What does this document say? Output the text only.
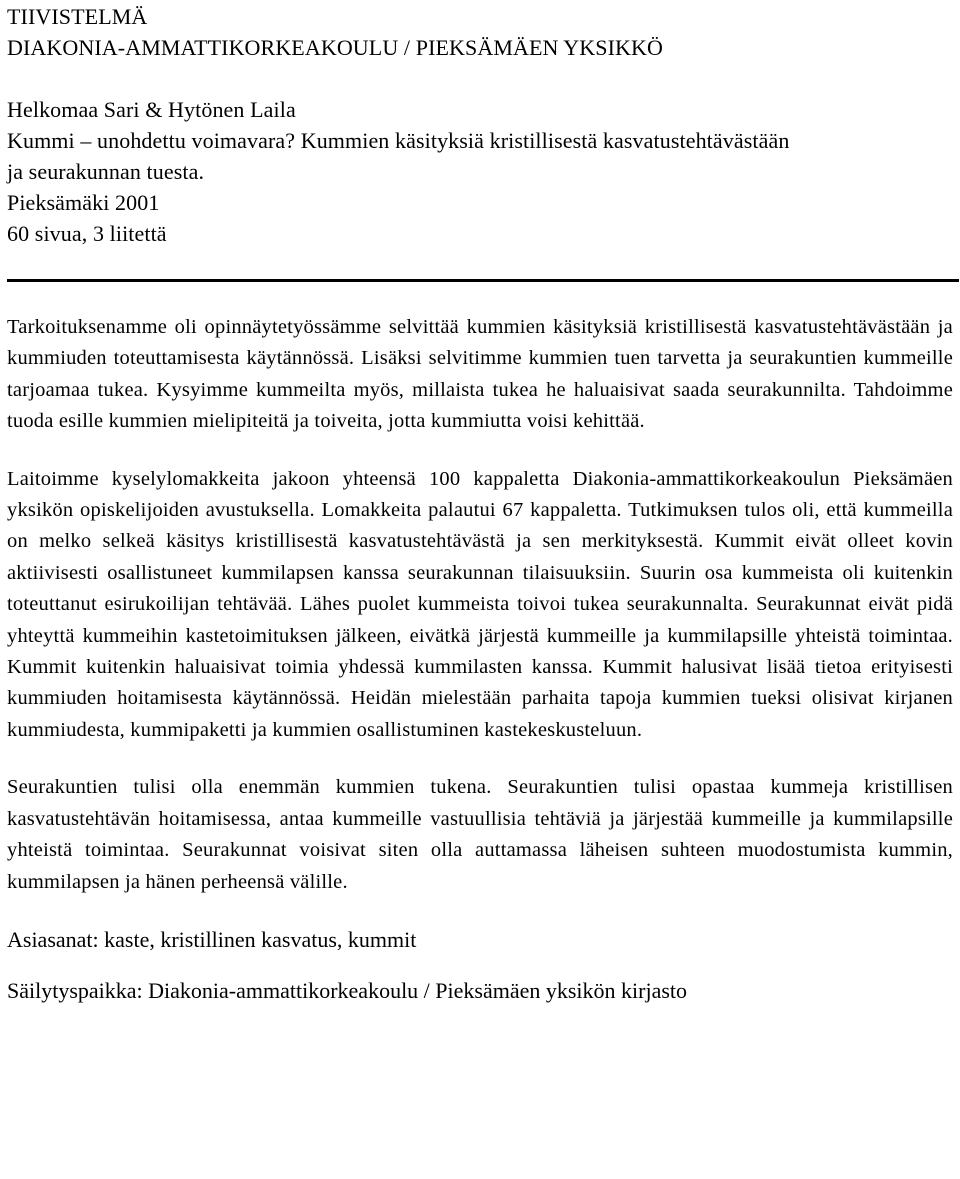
TIIVISTELMÄ
DIAKONIA-AMMATTIKORKEAKOULU / PIEKSÄMÄEN YKSIKKÖ
Helkomaa Sari & Hytönen Laila
Kummi – unohdettu voimavara? Kummien käsityksiä kristillisestä kasvatustehtävästään
ja seurakunnan tuesta.
Pieksämäki 2001
60 sivua, 3 liitettä

Tarkoituksenamme oli opinnäytetyössämme selvittää kummien käsityksiä kristillisestä kasvatustehtävästään ja kummiuden toteuttamisesta käytännössä. Lisäksi selvitimme kummien tuen tarvetta ja seurakuntien kummeille tarjoamaa tukea. Kysyimme kummeilta myös, millaista tukea he haluaisivat saada seurakunnilta. Tahdoimme tuoda esille kummien mielipiteitä ja toiveita, jotta kummiutta voisi kehittää.

Laitoimme kyselylomakkeita jakoon yhteensä 100 kappaletta Diakonia-ammattikorkeakoulun Pieksämäen yksikön opiskelijoiden avustuksella. Lomakkeita palautui 67 kappaletta. Tutkimuksen tulos oli, että kummeilla on melko selkeä käsitys kristillisestä kasvatustehtävästä ja sen merkityksestä. Kummit eivät olleet kovin aktiivisesti osallistuneet kummilapsen kanssa seurakunnan tilaisuuksiin. Suurin osa kummeista oli kuitenkin toteuttanut esirukoilijan tehtävää. Lähes puolet kummeista toivoi tukea seurakunnalta. Seurakunnat eivät pidä yhteyttä kummeihin kastetoimituksen jälkeen, eivätkä järjestä kummeille ja kummilapsille yhteistä toimintaa. Kummit kuitenkin haluaisivat toimia yhdessä kummilasten kanssa. Kummit halusivat lisää tietoa erityisesti kummiuden hoitamisesta käytännössä. Heidän mielestään parhaita tapoja kummien tueksi olisivat kirjanen kummiudesta, kummipaketti ja kummien osallistuminen kastekeskusteluun.

Seurakuntien tulisi olla enemmän kummien tukena. Seurakuntien tulisi opastaa kummeja kristillisen kasvatustehtävän hoitamisessa, antaa kummeille vastuullisia tehtäviä ja järjestää kummeille ja kummilapsille yhteistä toimintaa. Seurakunnat voisivat siten olla auttamassa läheisen suhteen muodostumista kummin, kummilapsen ja hänen perheensä välille.

Asiasanat: kaste, kristillinen kasvatus, kummit
Säilytyspaikka: Diakonia-ammattikorkeakoulu / Pieksämäen yksikön kirjasto
